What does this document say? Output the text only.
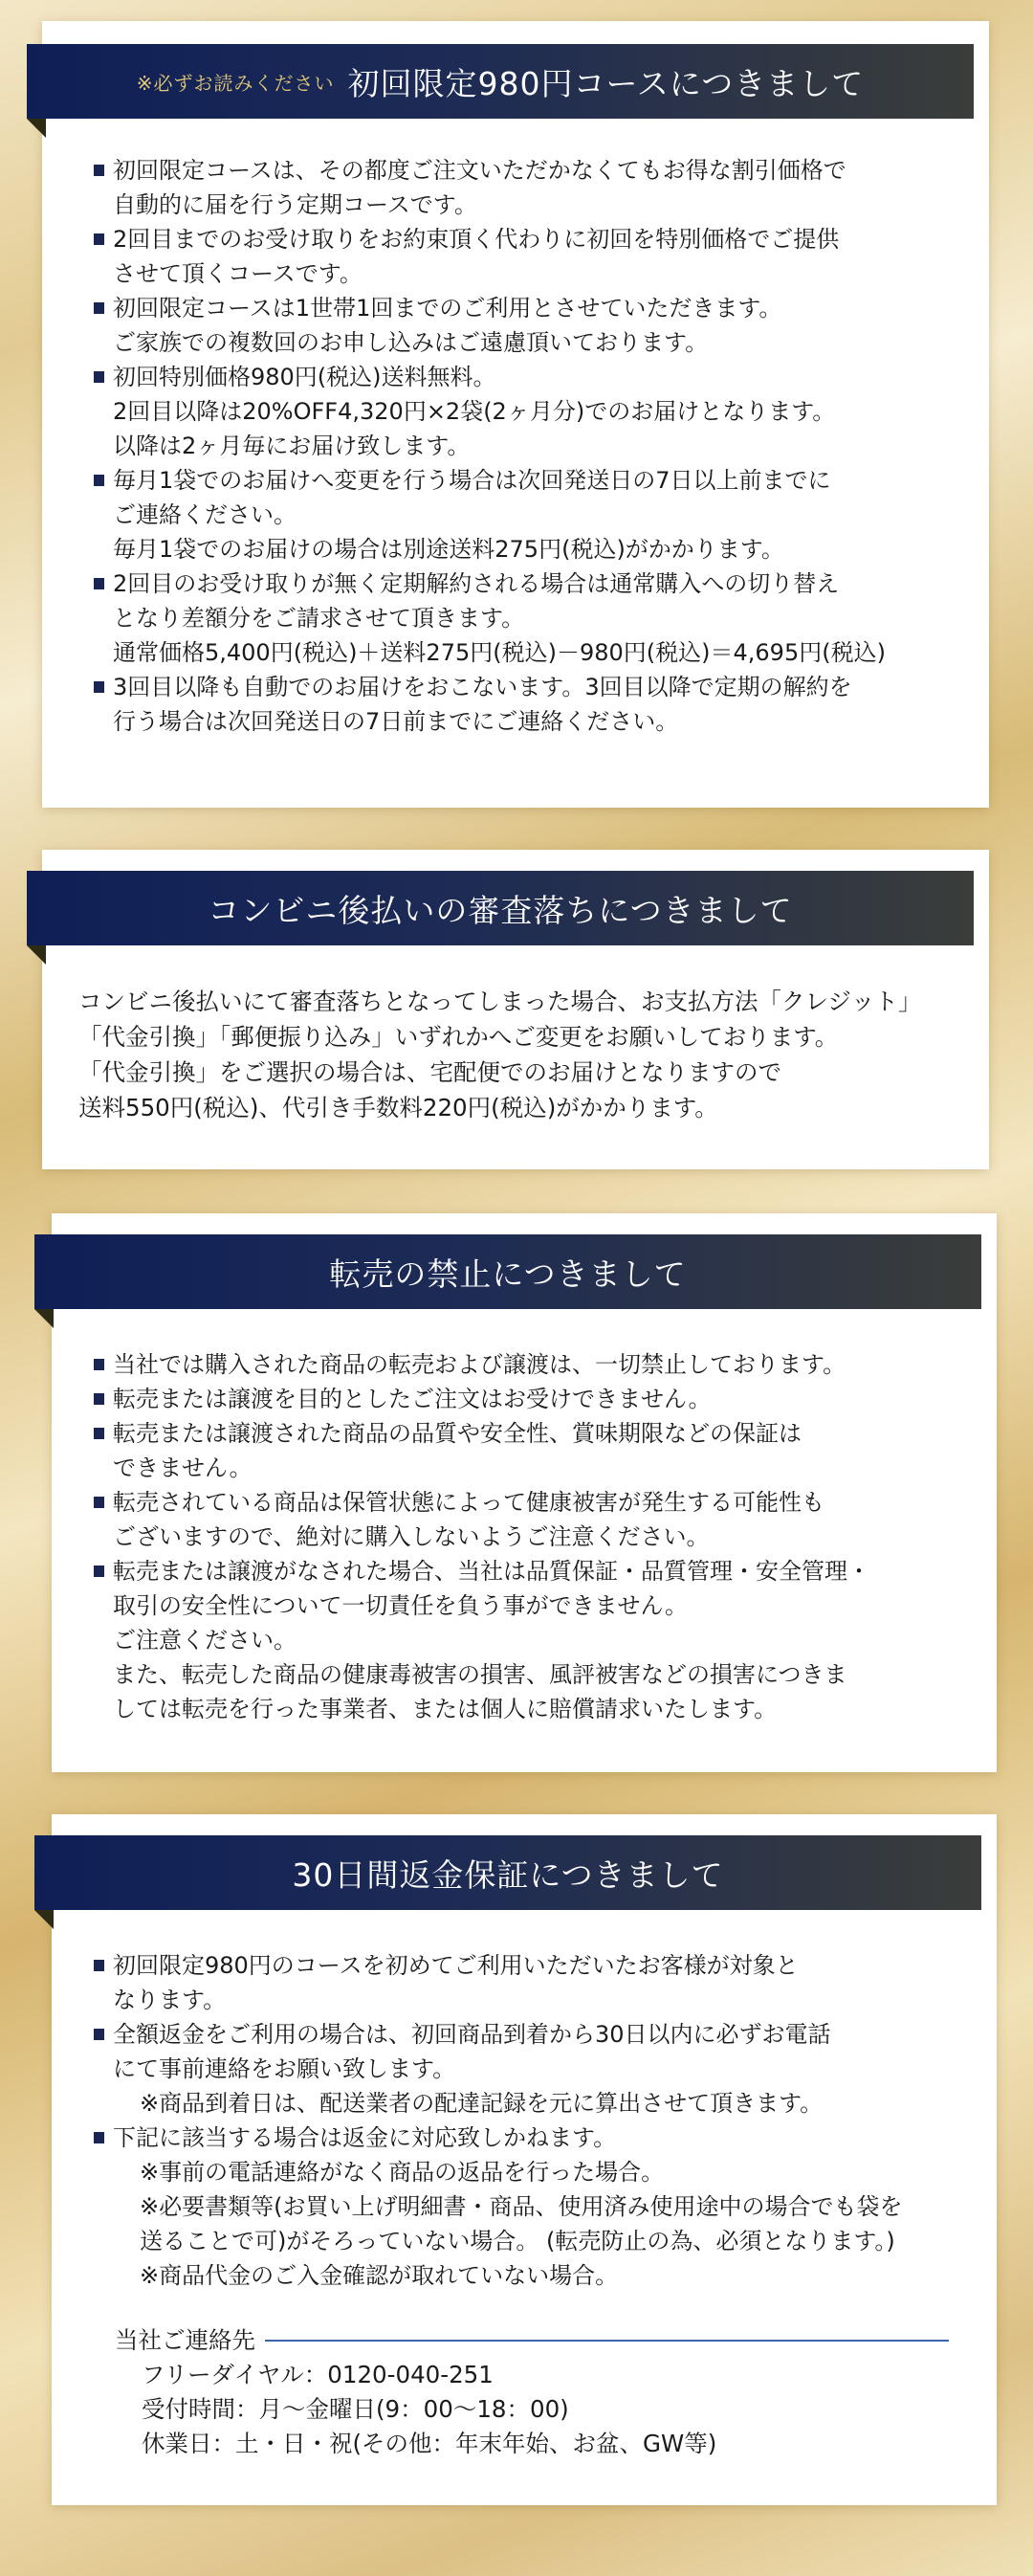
※必ずお読みください 初回限定980円コースにつきまして
初回限定コースは、その都度ご注文いただかなくてもお得な割引価格で
自動的に届を行う定期コースです。
2回目までのお受け取りをお約束頂く代わりに初回を特別価格でご提供
させて頂くコースです。
初回限定コースは1世帯1回までのご利用とさせていただきます。
ご家族での複数回のお申し込みはご遠慮頂いております。
初回特別価格980円(税込)送料無料。
2回目以降は20%OFF4,320円×2袋(2ヶ月分)でのお届けとなります。
以降は2ヶ月毎にお届け致します。
毎月1袋でのお届けへ変更を行う場合は次回発送日の7日以上前までに
ご連絡ください。
毎月1袋でのお届けの場合は別途送料275円(税込)がかかります。
2回目のお受け取りが無く定期解約される場合は通常購入への切り替え
となり差額分をご請求させて頂きます。
通常価格5,400円(税込)＋送料275円(税込)－980円(税込)＝4,695円(税込)
3回目以降も自動でのお届けをおこないます。3回目以降で定期の解約を
行う場合は次回発送日の7日前までにご連絡ください。
コンビニ後払いの審査落ちにつきまして
コンビニ後払いにて審査落ちとなってしまった場合、お支払方法「クレジット」
「代金引換」「郵便振り込み」いずれかへご変更をお願いしております。
「代金引換」をご選択の場合は、宅配便でのお届けとなりますので
送料550円(税込)、代引き手数料220円(税込)がかかります。
転売の禁止につきまして
当社では購入された商品の転売および譲渡は、一切禁止しております。
転売または譲渡を目的としたご注文はお受けできません。
転売または譲渡された商品の品質や安全性、賞味期限などの保証は
できません。
転売されている商品は保管状態によって健康被害が発生する可能性も
ございますので、絶対に購入しないようご注意ください。
転売または譲渡がなされた場合、当社は品質保証・品質管理・安全管理・
取引の安全性について一切責任を負う事ができません。
ご注意ください。
また、転売した商品の健康毒被害の損害、風評被害などの損害につきま
しては転売を行った事業者、または個人に賠償請求いたします。
30日間返金保証につきまして
初回限定980円のコースを初めてご利用いただいたお客様が対象と
なります。
全額返金をご利用の場合は、初回商品到着から30日以内に必ずお電話
にて事前連絡をお願い致します。
※商品到着日は、配送業者の配達記録を元に算出させて頂きます。
下記に該当する場合は返金に対応致しかねます。
※事前の電話連絡がなく商品の返品を行った場合。
※必要書類等(お買い上げ明細書・商品、使用済み使用途中の場合でも袋を
送ることで可)がそろっていない場合。 (転売防止の為、必須となります。)
※商品代金のご入金確認が取れていない場合。
当社ご連絡先
フリーダイヤル：0120-040-251
受付時間：月～金曜日(9：00～18：00)
休業日：土・日・祝(その他：年末年始、お盆、GW等)
